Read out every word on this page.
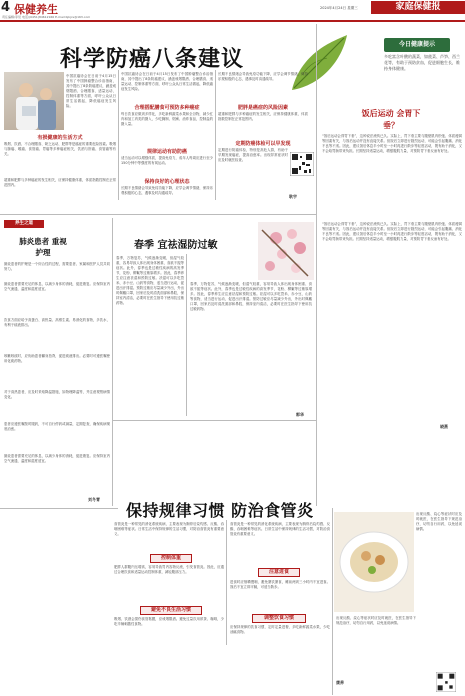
4 保健养生
责任编辑/李辰 电话/(0451)84612166 E-mail:bjkjcs@163.com
2024年4月24日 星期三	家庭保健报
科学防癌八条建议
中国抗癌协会在日前于4月15日发布了中国肿瘤整合诊治指南，其中提出了8条防癌建议，涵盖戒烟限酒、合理膳食、适量运动、控制体重等方面，呼吁公众从日常生活做起，降低癌症发生风险。
有损健康的生活方式
吸烟、饮酒、不合理膳食、缺乏运动、肥胖等是癌症的重要危险因素。吸烟与肺癌、喉癌、食管癌、胃癌等多种癌症相关，饮酒与肝癌、食管癌等有关。
超重和肥胖与多种癌症的发生相关，应保持健康体重，体质指数控制在正常范围内。
中国抗癌协会在日前于4月15日发布了中国肿瘤整合诊治指南，其中提出了8条防癌建议，涵盖戒烟限酒、合理膳食、适量运动、控制体重等方面，呼吁公众从日常生活做起，降低癌症发生风险。
合理搭配膳食可预防多种癌症
每日饮食应做到多样化，多吃新鲜蔬菜水果和全谷物，减少红肉和加工肉类的摄入，少吃腌制、烟熏、油炸食品，控制盐的摄入量。
规律运动有助防癌
适当运动可以增强体质，提高免疫力，成年人每周应进行至少150分钟中等强度的有氧运动。
保持良好的心理状态
长期不良情绪会导致免疫功能下降，应学会调节情绪，保持乐观积极的心态，遇事及时沟通疏导。
长期不良情绪会导致免疫功能下降，应学会调节情绪，保持乐观积极的心态，遇事及时沟通疏导。
肥胖是癌症的风险因素
超重和肥胖与多种癌症的发生相关，应保持健康体重，体质指数控制在正常范围内。
定期防癌体检可以早发现
定期进行防癌体检，特别是高危人群，有助于早期发现癌症，提高治愈率。出现异常症状时应及时就医检查。
耿宇
今日健康提示
多吃富含叶酸的蔬菜，如菠菜、芦笋、西兰花等，有助于预防贫血，促进细胞生长，维持身体健康。
饭后运动 会胃下垂？
“饭后运动会得胃下垂”，这种说法流传已久。实际上，胃下垂主要与腹壁肌肉松弛、体质瘦弱等因素有关，与饭后运动并没有直接关系。但饭后立即进行剧烈运动，可能会引起腹痛、消化不良等不适。因此，建议饭后休息半小时至一小时再进行散步等轻度活动，既有助于消化，又不会给胃肠带来负担。长期坚持适量运动，增强腹肌力量，对预防胃下垂反而有好处。
“饭后运动会得胃下垂”，这种说法流传已久。实际上，胃下垂主要与腹壁肌肉松弛、体质瘦弱等因素有关，与饭后运动并没有直接关系。但饭后立即进行剧烈运动，可能会引起腹痛、消化不良等不适。因此，建议饭后休息半小时至一小时再进行散步等轻度活动，既有助于消化，又不会给胃肠带来负担。长期坚持适量运动，增强腹肌力量，对预防胃下垂反而有好处。
晓燕
养生之道
肺炎患者 重视护理
肺炎患者的护理是一个综合性的过程，需要患者、家属和医护人员共同努力。
肺炎患者需要充足的休息，以减少身体的消耗，促进康复。应保持室内空气流通，温度和湿度适宜。
饮食方面应给予高蛋白、高热量、高维生素、易消化的食物，多饮水，有利于痰液排出。
咳嗽咳痰时，应协助患者翻身拍背，促进痰液排出。必要时可遵医嘱使用化痰药物。
对于高热患者，应及时采取降温措施，如物理降温等，并注意观察病情变化。
患者应遵医嘱按时服药，不可自行停药或减量，定期复查，确保疾病彻底治愈。
肺炎患者需要充足的休息，以减少身体的消耗，促进康复。应保持室内空气流通，温度和湿度适宜。
刘冬青
春季 宜祛湿防过敏
春季，万物复苏，气候逐渐变暖，但湿气较重，容易导致人体出现身体困重、食欲不振等症状。此外，春季也是过敏性疾病的高发季节，花粉、柳絮等过敏原增多。因此，春季养生应注意祛湿和预防过敏。祛湿可以多吃薏米、赤小豆、山药等食物，适当进行运动，促进出汗排湿。预防过敏应尽量减少外出，外出时佩戴口罩，回家后及时清洗面部和鼻腔，保持室内清洁，必要时在医生指导下使用抗过敏药物。
春季，万物复苏，气候逐渐变暖，但湿气较重，容易导致人体出现身体困重、食欲不振等症状。此外，春季也是过敏性疾病的高发季节，花粉、柳絮等过敏原增多。因此，春季养生应注意祛湿和预防过敏。祛湿可以多吃薏米、赤小豆、山药等食物，适当进行运动，促进出汗排湿。预防过敏应尽量减少外出，外出时佩戴口罩，回家后及时清洗面部和鼻腔，保持室内清洁，必要时在医生指导下使用抗过敏药物。
郭华
保持规律习惯 防治食管炎
食管炎是一种常见的消化系统疾病，主要表现为胸骨后烧灼感、反酸、吞咽困难等症状。日常生活中保持规律的生活习惯，对防治食管炎有重要意义。
控制体重
肥胖人群腹内压增高，容易导致胃内容物反流，引发食管炎。因此，应通过合理饮食和适量运动控制体重，减轻腹部压力。
避免不良生活习惯
吸烟、饮酒会损伤食管黏膜，应戒烟限酒。避免过量饮用浓茶、咖啡，少吃辛辣刺激性食物。
食管炎是一种常见的消化系统疾病，主要表现为胸骨后烧灼感、反酸、吞咽困难等症状。日常生活中保持规律的生活习惯，对防治食管炎有重要意义。
注意进食
进食时应细嚼慢咽，避免暴饮暴食，睡前两到三小时内不宜进食。饭后不宜立即平躺，可适当散步。
调整饮食习惯
应保持规律的饮食习惯，定时定量进餐，多吃新鲜蔬菜水果，少吃油腻食物。
出现反酸、烧心等症状时应及时就医，在医生指导下规范治疗，切勿自行用药，以免延误病情。
出现反酸、烧心等症状时应及时就医，在医生指导下规范治疗，切勿自行用药，以免延误病情。
康养
